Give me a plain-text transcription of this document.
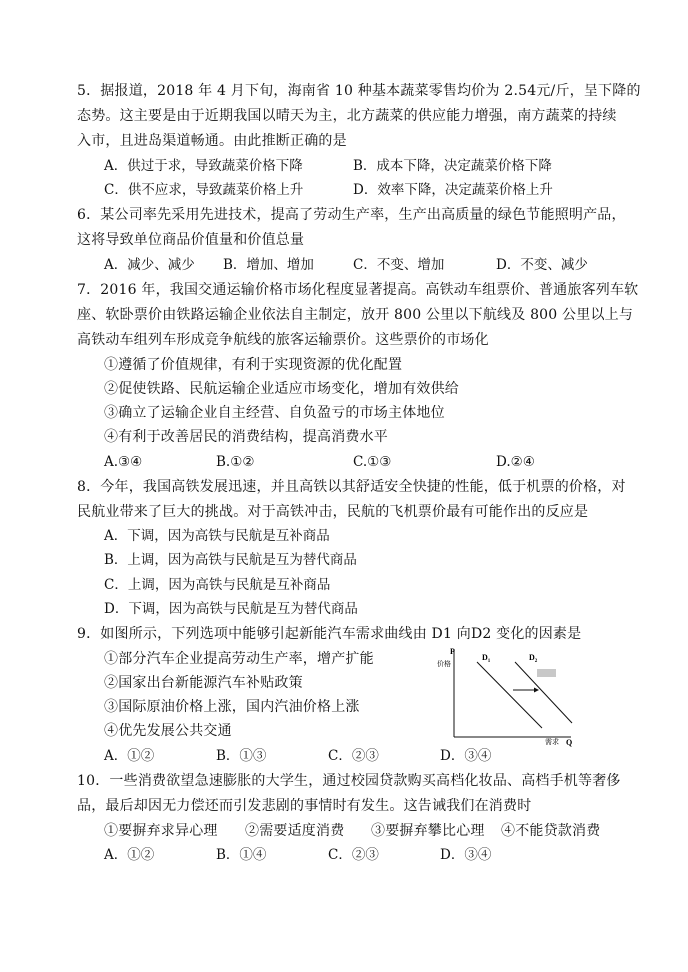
5．据报道，2018 年 4 月下旬，海南省 10 种基本蔬菜零售均价为 2.54元/斤，呈下降的
态势。这主要是由于近期我国以晴天为主，北方蔬菜的供应能力增强，南方蔬菜的持续
入市，且进岛渠道畅通。由此推断正确的是
A．供过于求，导致蔬菜价格下降	B．成本下降，决定蔬菜价格下降
C．供不应求，导致蔬菜价格上升	D．效率下降，决定蔬菜价格上升
6．某公司率先采用先进技术，提高了劳动生产率，生产出高质量的绿色节能照明产品，
这将导致单位商品价值量和价值总量
A．减少、减少 B．增加、增加	C．不变、增加	D．不变、减少
7．2016 年，我国交通运输价格市场化程度显著提高。高铁动车组票价、普通旅客列车软
座、软卧票价由铁路运输企业依法自主制定，放开 800 公里以下航线及 800 公里以上与
高铁动车组列车形成竞争航线的旅客运输票价。这些票价的市场化
①遵循了价值规律，有利于实现资源的优化配置
②促使铁路、民航运输企业适应市场变化，增加有效供给
③确立了运输企业自主经营、自负盈亏的市场主体地位
④有利于改善居民的消费结构，提高消费水平
A.③④	B.①②	C.①③	D.②④
8．今年，我国高铁发展迅速，并且高铁以其舒适安全快捷的性能，低于机票的价格，对
民航业带来了巨大的挑战。对于高铁冲击，民航的飞机票价最有可能作出的反应是
A．下调，因为高铁与民航是互补商品
B．上调，因为高铁与民航是互为替代商品
C．上调，因为高铁与民航是互补商品
D．下调，因为高铁与民航是互为替代商品
9．如图所示，下列选项中能够引起新能汽车需求曲线由 D1 向D2 变化的因素是
①部分汽车企业提高劳动生产率，增产扩能
②国家出台新能源汽车补贴政策
③国际原油价格上涨，国内汽油价格上涨
④优先发展公共交通
A．①②	B．①③	C．②③	D．③④
P
价格
需求 Q
$D_1$	$D_2$
10．一些消费欲望急速膨胀的大学生，通过校园贷款购买高档化妆品、高档手机等奢侈
品，最后却因无力偿还而引发悲剧的事情时有发生。这告诫我们在消费时
①要摒弃求异心理 ②需要适度消费 ③要摒弃攀比心理 ④不能贷款消费
A．①②	B．①④	C．②③	D．③④
